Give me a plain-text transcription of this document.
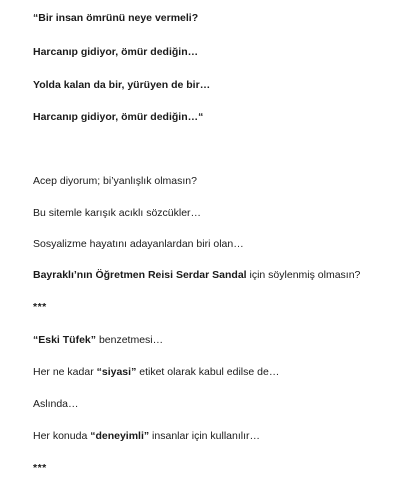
“Bir insan ömrünü neye vermeli?
Harcanıp gidiyor, ömür dediğin…
Yolda kalan da bir, yürüyen de bir…
Harcanıp gidiyor, ömür dediğin…“
Acep diyorum; bi’yanlışlık olmasın?
Bu sitemle karışık acıklı sözcükler…
Sosyalizme hayatını adayanlardan biri olan…
Bayraklı’nın Öğretmen Reisi Serdar Sandal için söylenmiş olmasın?
***
“Eski Tüfek” benzetmesi…
Her ne kadar “siyasi” etiket olarak kabul edilse de…
Aslında…
Her konuda “deneyimli” insanlar için kullanılır…
***
